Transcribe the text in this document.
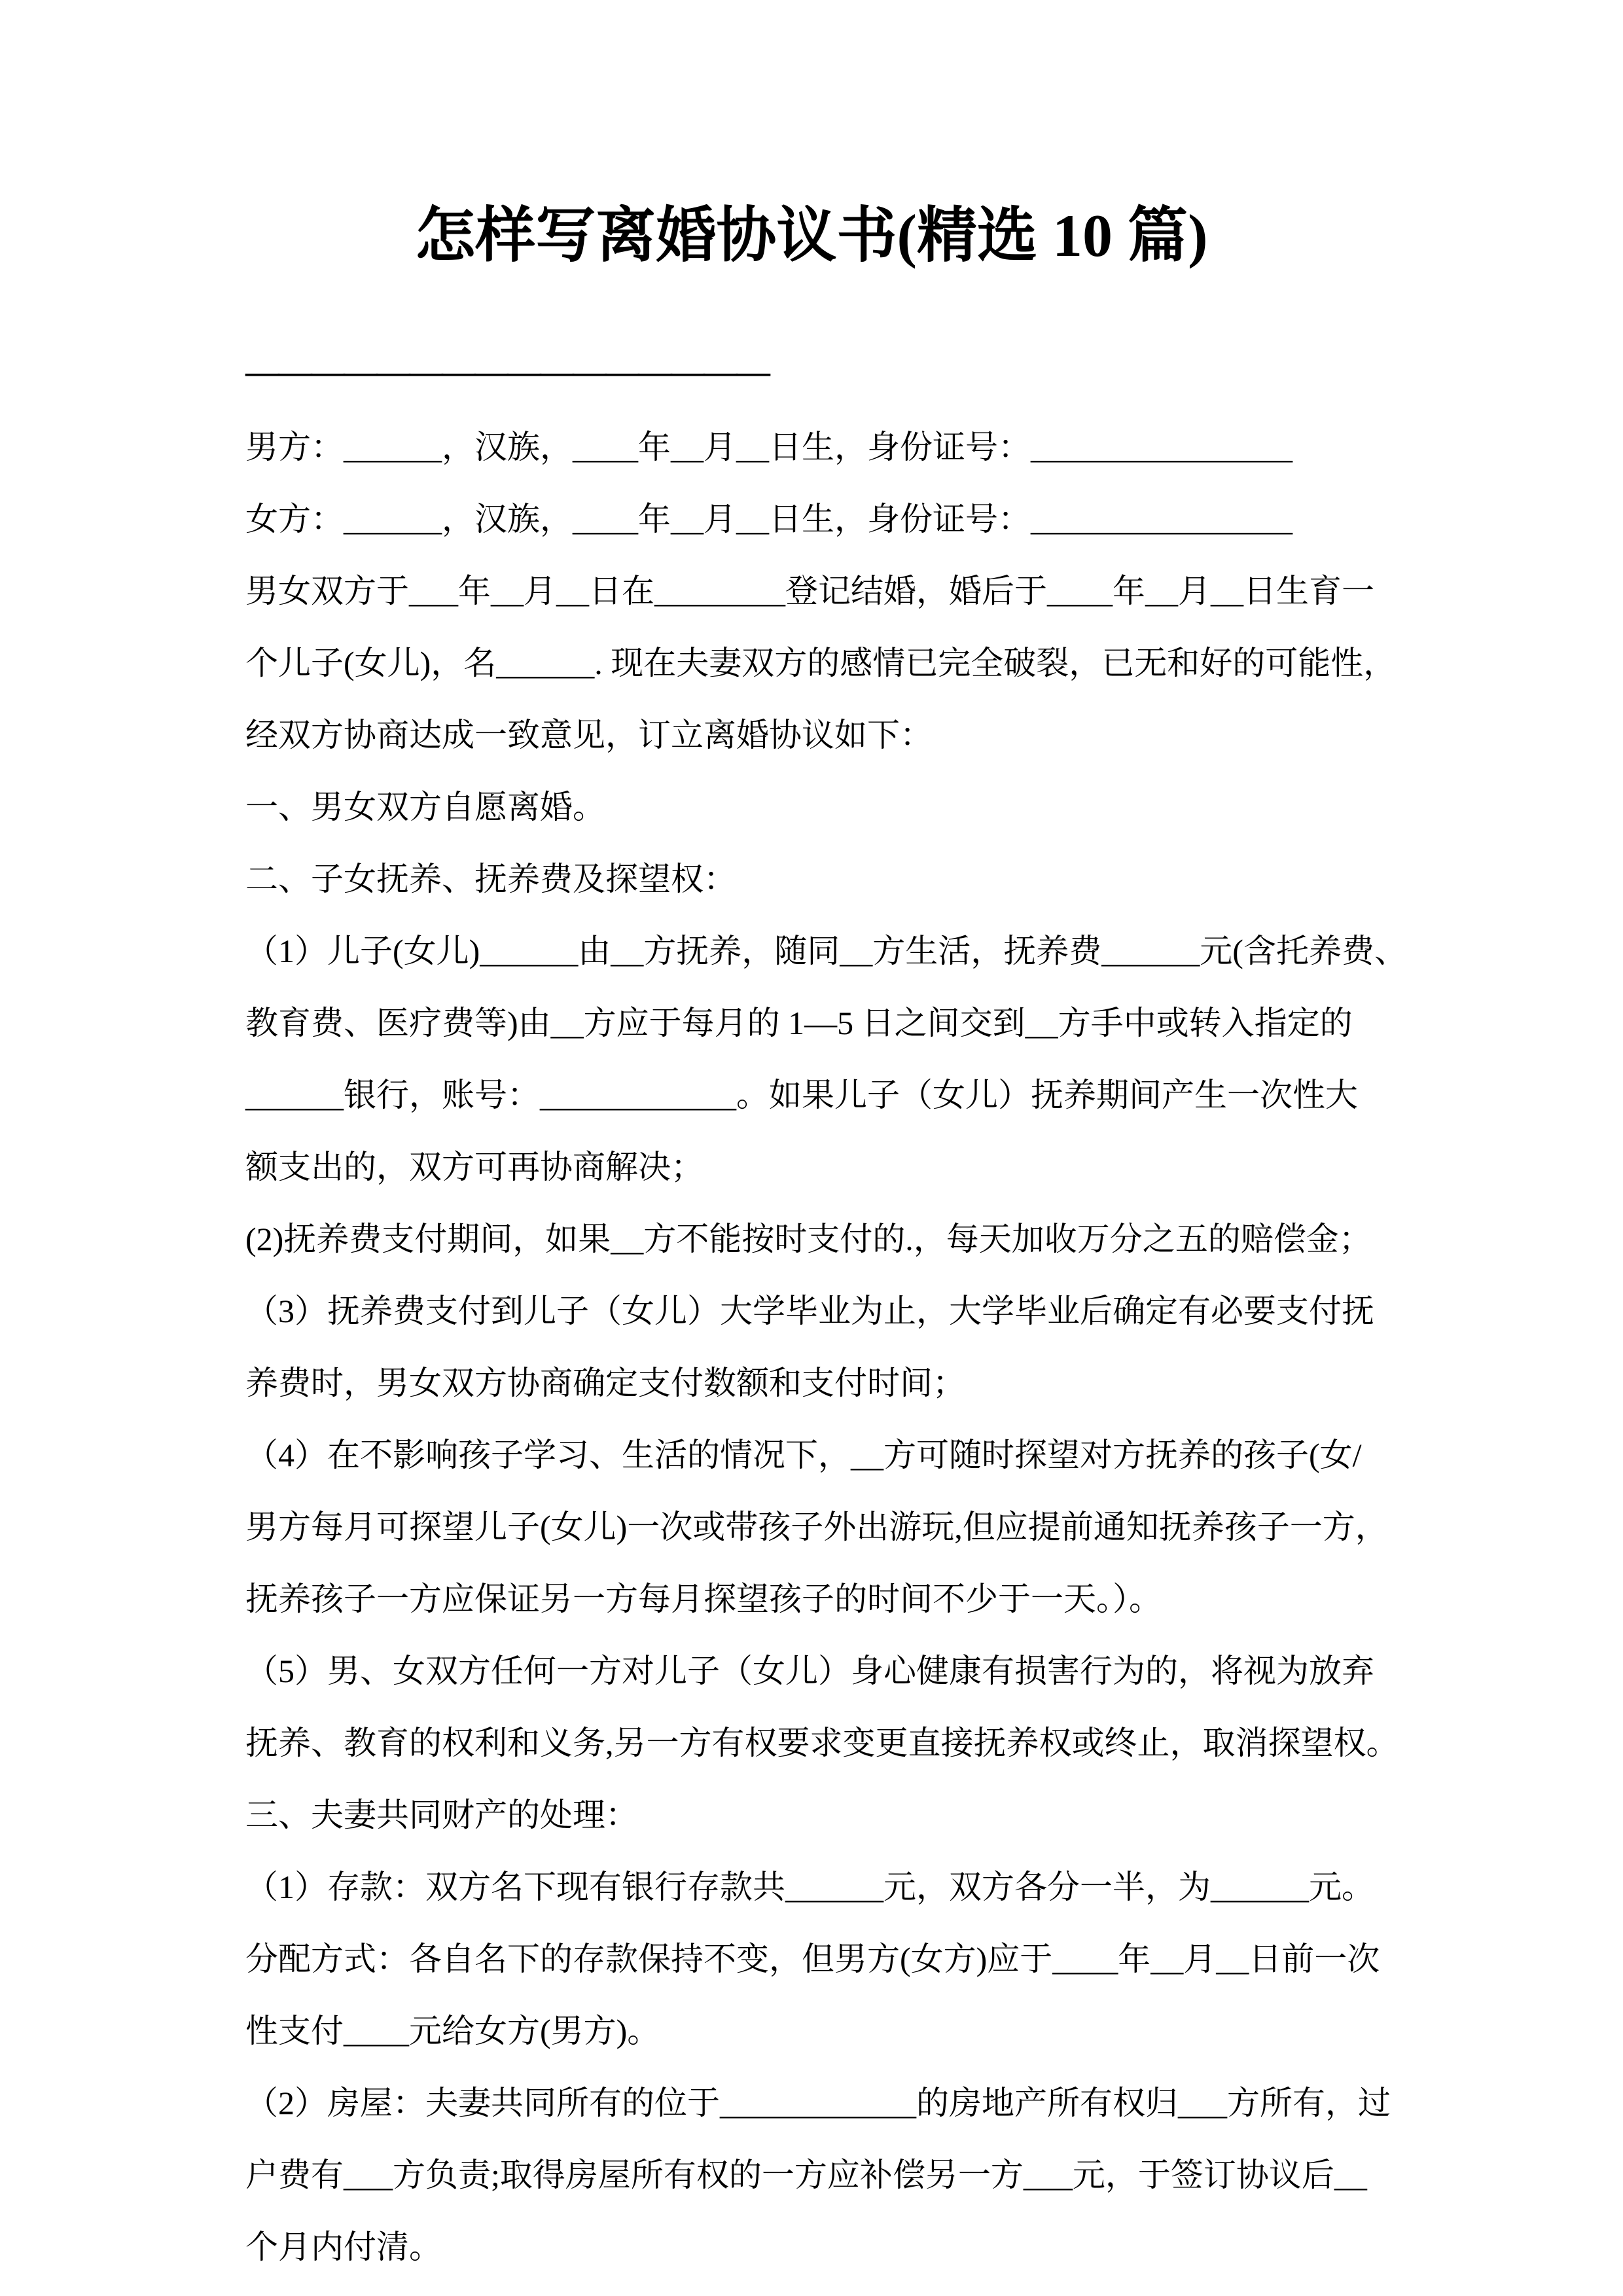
怎样写离婚协议书(精选 10 篇)
————————————————
男方：______，汉族，____年__月__日生，身份证号：________________
女方：______，汉族，____年__月__日生，身份证号：________________
男女双方于___年__月__日在________登记结婚，婚后于____年__月__日生育一
个儿子(女儿)，名______. 现在夫妻双方的感情已完全破裂，已无和好的可能性，
经双方协商达成一致意见，订立离婚协议如下：
一、男女双方自愿离婚。
二、子女抚养、抚养费及探望权：
（1）儿子(女儿)______由__方抚养，随同__方生活，抚养费______元(含托养费、
教育费、医疗费等)由__方应于每月的 1—5 日之间交到__方手中或转入指定的
______银行，账号：____________。如果儿子（女儿）抚养期间产生一次性大
额支出的，双方可再协商解决；
(2)抚养费支付期间，如果__方不能按时支付的.，每天加收万分之五的赔偿金；
（3）抚养费支付到儿子（女儿）大学毕业为止，大学毕业后确定有必要支付抚
养费时，男女双方协商确定支付数额和支付时间；
（4）在不影响孩子学习、生活的情况下，__方可随时探望对方抚养的孩子(女/
男方每月可探望儿子(女儿)一次或带孩子外出游玩,但应提前通知抚养孩子一方，
抚养孩子一方应保证另一方每月探望孩子的时间不少于一天。）。
（5）男、女双方任何一方对儿子（女儿）身心健康有损害行为的，将视为放弃
抚养、教育的权利和义务,另一方有权要求变更直接抚养权或终止，取消探望权。
三、夫妻共同财产的处理：
（1）存款：双方名下现有银行存款共______元，双方各分一半，为______元。
分配方式：各自名下的存款保持不变，但男方(女方)应于____年__月__日前一次
性支付____元给女方(男方)。
（2）房屋：夫妻共同所有的位于____________的房地产所有权归___方所有，过
户费有___方负责;取得房屋所有权的一方应补偿另一方___元，于签订协议后__
个月内付清。
